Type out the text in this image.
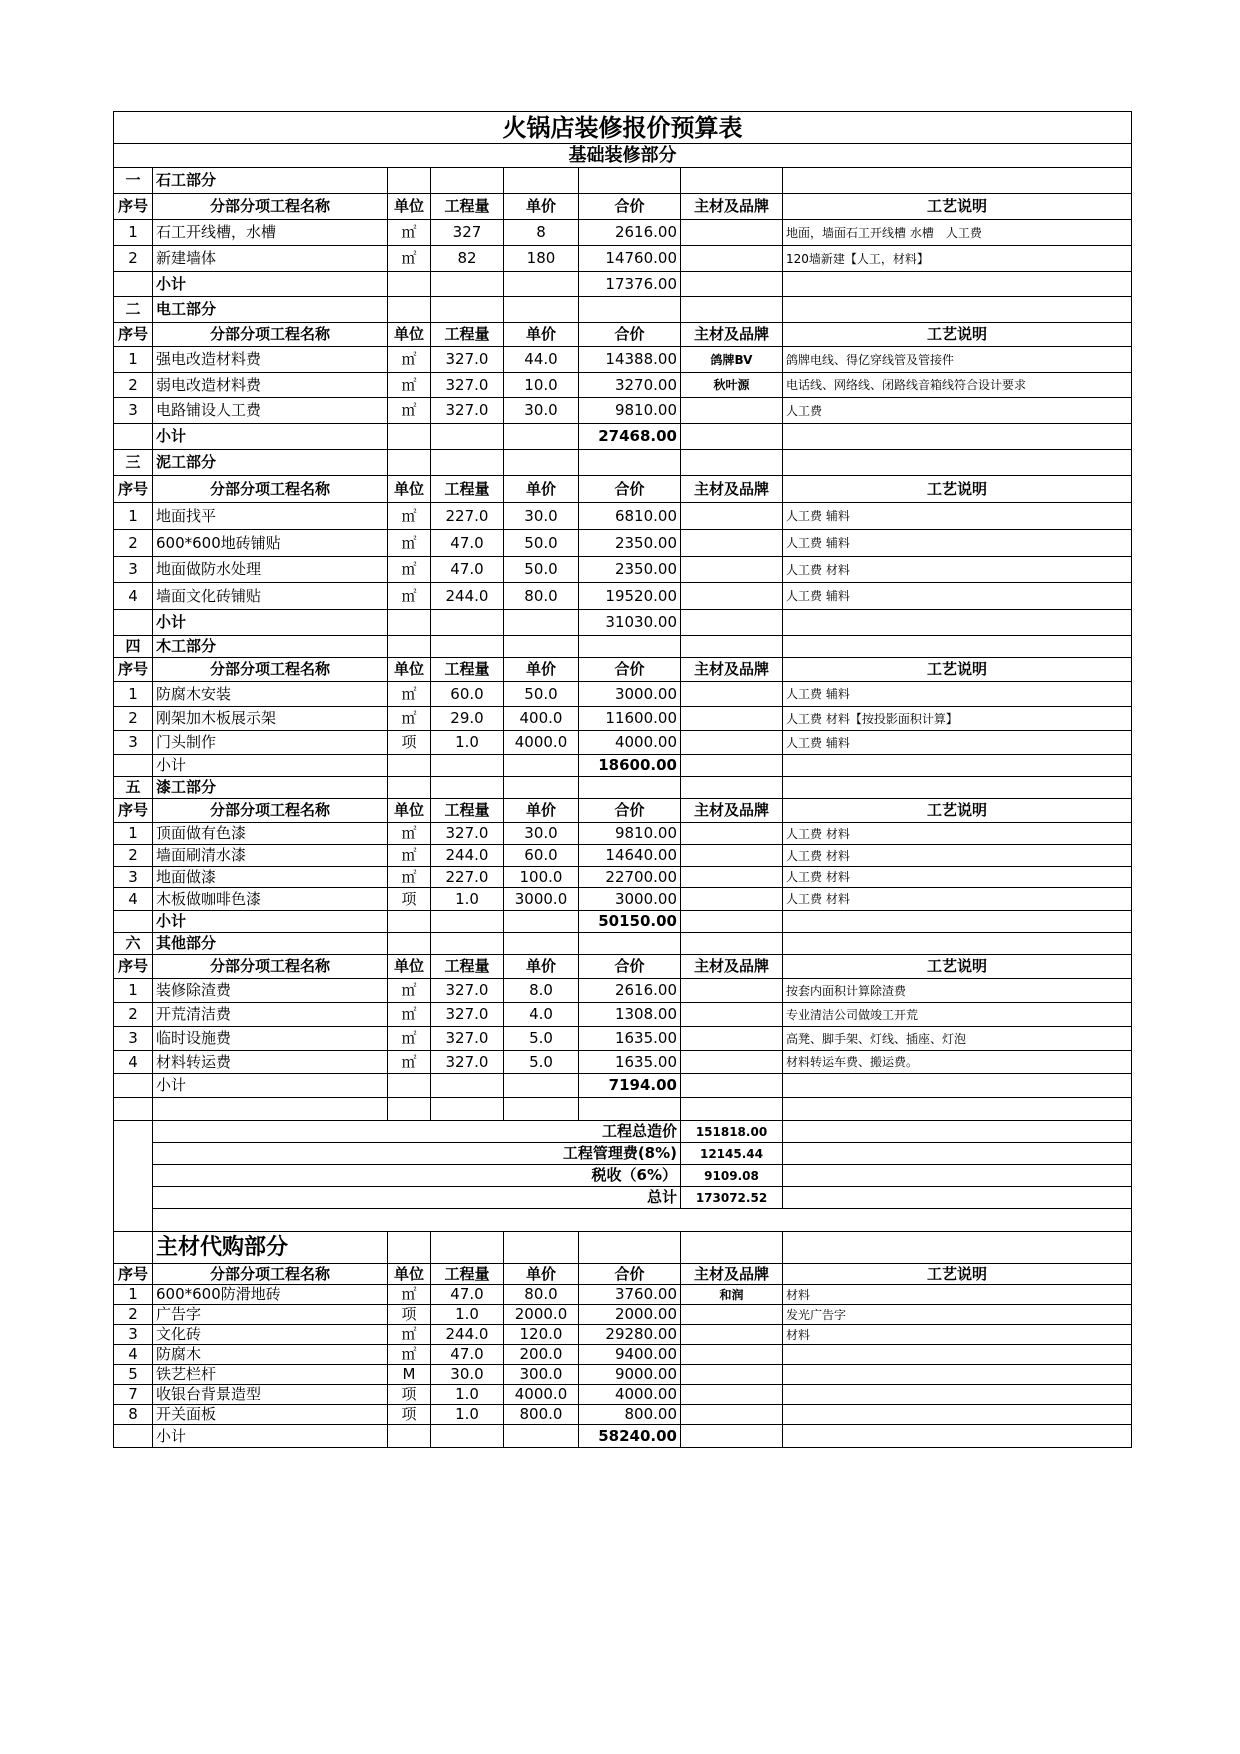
火锅店装修报价预算表							
基础装修部分							
一	石工部分						
序号	分部分项工程名称	单位	工程量	单价	合价	主材及品牌	工艺说明
1	石工开线槽，水槽	㎡	327	8	2616.00		地面，墙面石工开线槽 水槽　人工费
2	新建墙体	㎡	82	180	14760.00		120墙新建【人工，材料】
	小计				17376.00		
二	电工部分						
序号	分部分项工程名称	单位	工程量	单价	合价	主材及品牌	工艺说明
1	强电改造材料费	㎡	327.0	44.0	14388.00	鸽牌BV	鸽牌电线、得亿穿线管及管接件
2	弱电改造材料费	㎡	327.0	10.0	3270.00	秋叶源	电话线、网络线、闭路线音箱线符合设计要求
3	电路铺设人工费	㎡	327.0	30.0	9810.00		人工费
	小计				27468.00		
三	泥工部分						
序号	分部分项工程名称	单位	工程量	单价	合价	主材及品牌	工艺说明
1	地面找平	㎡	227.0	30.0	6810.00		人工费 辅料
2	600*600地砖铺贴	㎡	47.0	50.0	2350.00		人工费 辅料
3	地面做防水处理	㎡	47.0	50.0	2350.00		人工费 材料
4	墙面文化砖铺贴	㎡	244.0	80.0	19520.00		人工费 辅料
	小计				31030.00		
四	木工部分						
序号	分部分项工程名称	单位	工程量	单价	合价	主材及品牌	工艺说明
1	防腐木安装	㎡	60.0	50.0	3000.00		人工费 辅料
2	刚架加木板展示架	㎡	29.0	400.0	11600.00		人工费 材料【按投影面积计算】
3	门头制作	项	1.0	4000.0	4000.00		人工费 辅料
	小计				18600.00		
五	漆工部分						
序号	分部分项工程名称	单位	工程量	单价	合价	主材及品牌	工艺说明
1	顶面做有色漆	㎡	327.0	30.0	9810.00		人工费 材料
2	墙面刷清水漆	㎡	244.0	60.0	14640.00		人工费 材料
3	地面做漆	㎡	227.0	100.0	22700.00		人工费 材料
4	木板做咖啡色漆	项	1.0	3000.0	3000.00		人工费 材料
	小计				50150.00		
六	其他部分						
序号	分部分项工程名称	单位	工程量	单价	合价	主材及品牌	工艺说明
1	装修除渣费	㎡	327.0	8.0	2616.00		按套内面积计算除渣费
2	开荒清洁费	㎡	327.0	4.0	1308.00		专业清洁公司做竣工开荒
3	临时设施费	㎡	327.0	5.0	1635.00		高凳、脚手架、灯线、插座、灯泡
4	材料转运费	㎡	327.0	5.0	1635.00		材料转运车费、搬运费。
	小计				7194.00		

	工程总造价					151818.00	
	工程管理费(8%)					12145.44	
	税收（6%）					9109.08	
	总计					173072.52	

	主材代购部分						
序号	分部分项工程名称	单位	工程量	单价	合价	主材及品牌	工艺说明
1	600*600防滑地砖	㎡	47.0	80.0	3760.00	和润	材料
2	广告字	项	1.0	2000.0	2000.00		发光广告字
3	文化砖	㎡	244.0	120.0	29280.00		材料
4	防腐木	㎡	47.0	200.0	9400.00		
5	铁艺栏杆	M	30.0	300.0	9000.00		
7	收银台背景造型	项	1.0	4000.0	4000.00		
8	开关面板	项	1.0	800.0	800.00		
	小计				58240.00		
